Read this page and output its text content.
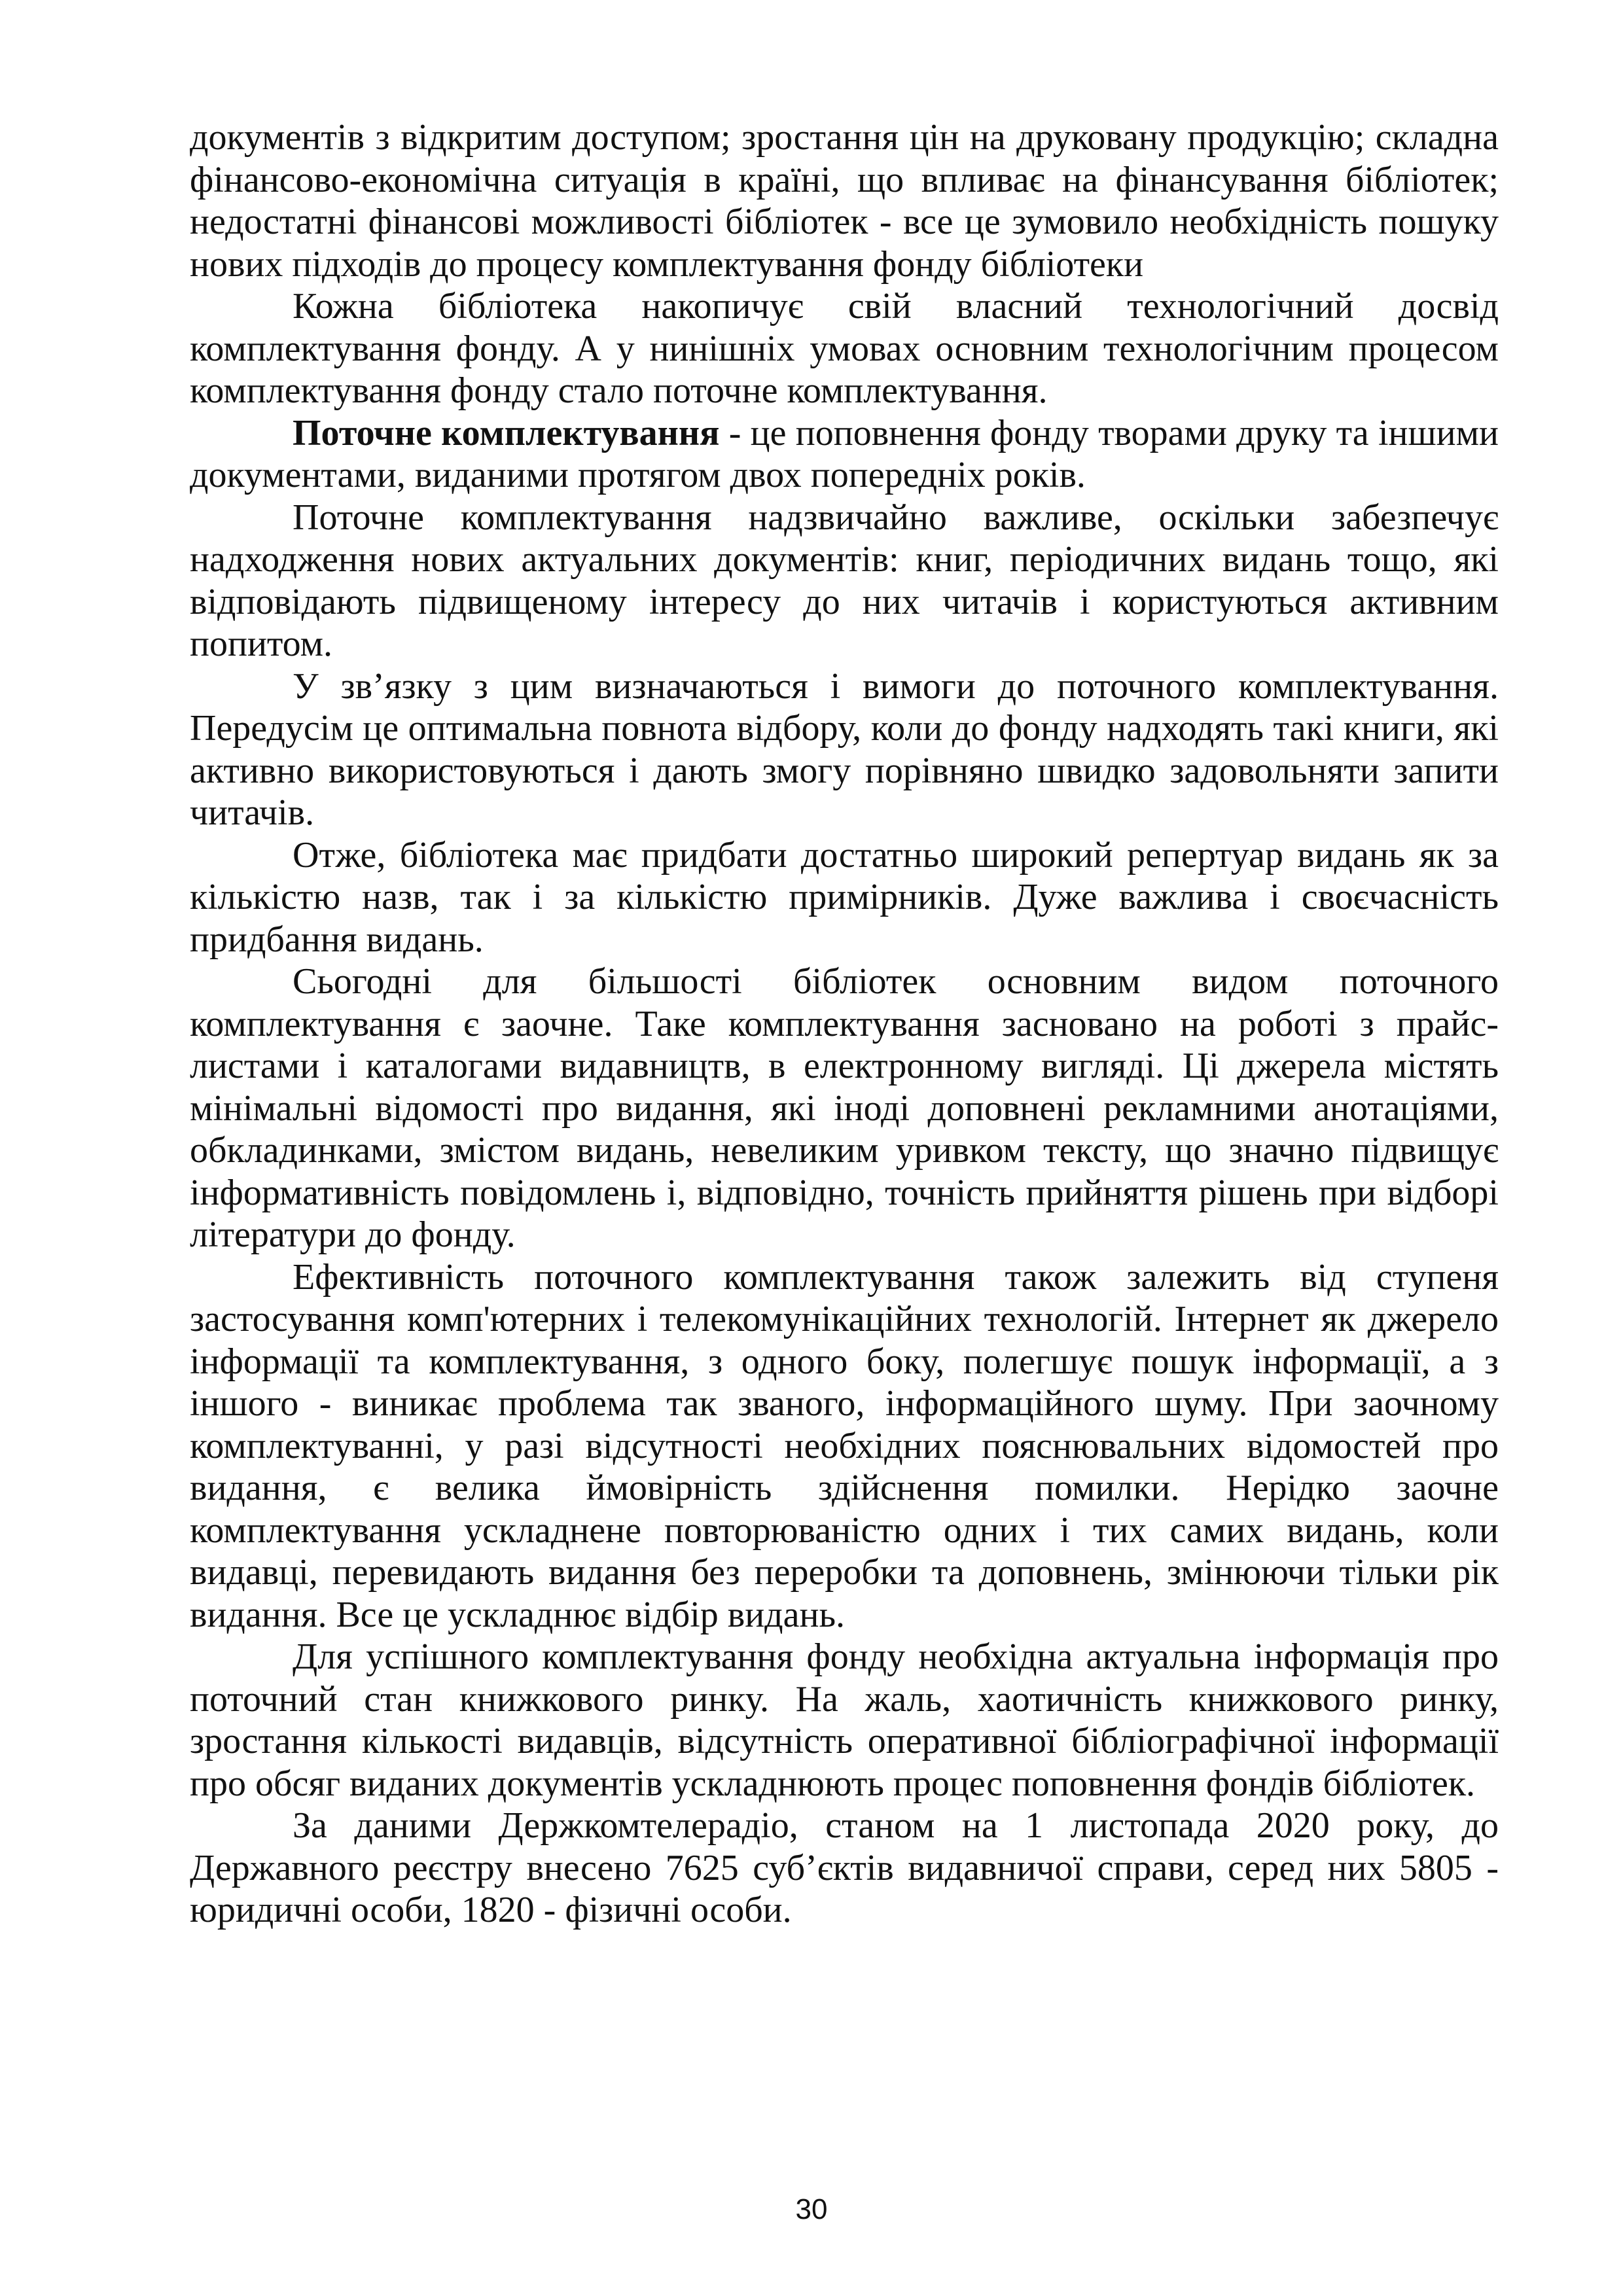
документів з відкритим доступом; зростання цін на друковану продукцію; складна фінансово-економічна ситуація в країні, що впливає на фінансування бібліотек; недостатні фінансові можливості бібліотек - все це зумовило необхідність пошуку нових підходів до процесу комплектування фонду бібліотеки

Кожна бібліотека накопичує свій власний технологічний досвід комплектування фонду. А у нинішніх умовах основним технологічним процесом комплектування фонду стало поточне комплектування.

Поточне комплектування - це поповнення фонду творами друку та іншими документами, виданими протягом двох попередніх років.

Поточне комплектування надзвичайно важливе, оскільки забезпечує надходження нових актуальних документів: книг, періодичних видань тощо, які відповідають підвищеному інтересу до них читачів і користуються активним попитом.

У зв’язку з цим визначаються і вимоги до поточного комплектування. Передусім це оптимальна повнота відбору, коли до фонду надходять такі книги, які активно використовуються і дають змогу порівняно швидко задовольняти запити читачів.

Отже, бібліотека має придбати достатньо широкий репертуар видань як за кількістю назв, так і за кількістю примірників. Дуже важлива і своєчасність придбання видань.

Сьогодні для більшості бібліотек основним видом поточного комплектування є заочне. Таке комплектування засновано на роботі з прайс-листами і каталогами видавництв, в електронному вигляді. Ці джерела містять мінімальні відомості про видання, які іноді доповнені рекламними анотаціями, обкладинками, змістом видань, невеликим уривком тексту, що значно підвищує інформативність повідомлень і, відповідно, точність прийняття рішень при відборі літератури до фонду.

Ефективність поточного комплектування також залежить від ступеня застосування комп'ютерних і телекомунікаційних технологій. Інтернет як джерело інформації та комплектування, з одного боку, полегшує пошук інформації, а з іншого - виникає проблема так званого, інформаційного шуму. При заочному комплектуванні, у разі відсутності необхідних пояснювальних відомостей про видання, є велика ймовірність здійснення помилки. Нерідко заочне комплектування ускладнене повторюваністю одних і тих самих видань, коли видавці, перевидають видання без переробки та доповнень, змінюючи тільки рік видання. Все це ускладнює відбір видань.

Для успішного комплектування фонду необхідна актуальна інформація про поточний стан книжкового ринку. На жаль, хаотичність книжкового ринку, зростання кількості видавців, відсутність оперативної бібліографічної інформації про обсяг виданих документів ускладнюють процес поповнення фондів бібліотек.

За даними Держкомтелерадіо, станом на 1 листопада 2020 року, до Державного реєстру внесено 7625 суб’єктів видавничої справи, серед них 5805 - юридичні особи, 1820 - фізичні особи.

30
